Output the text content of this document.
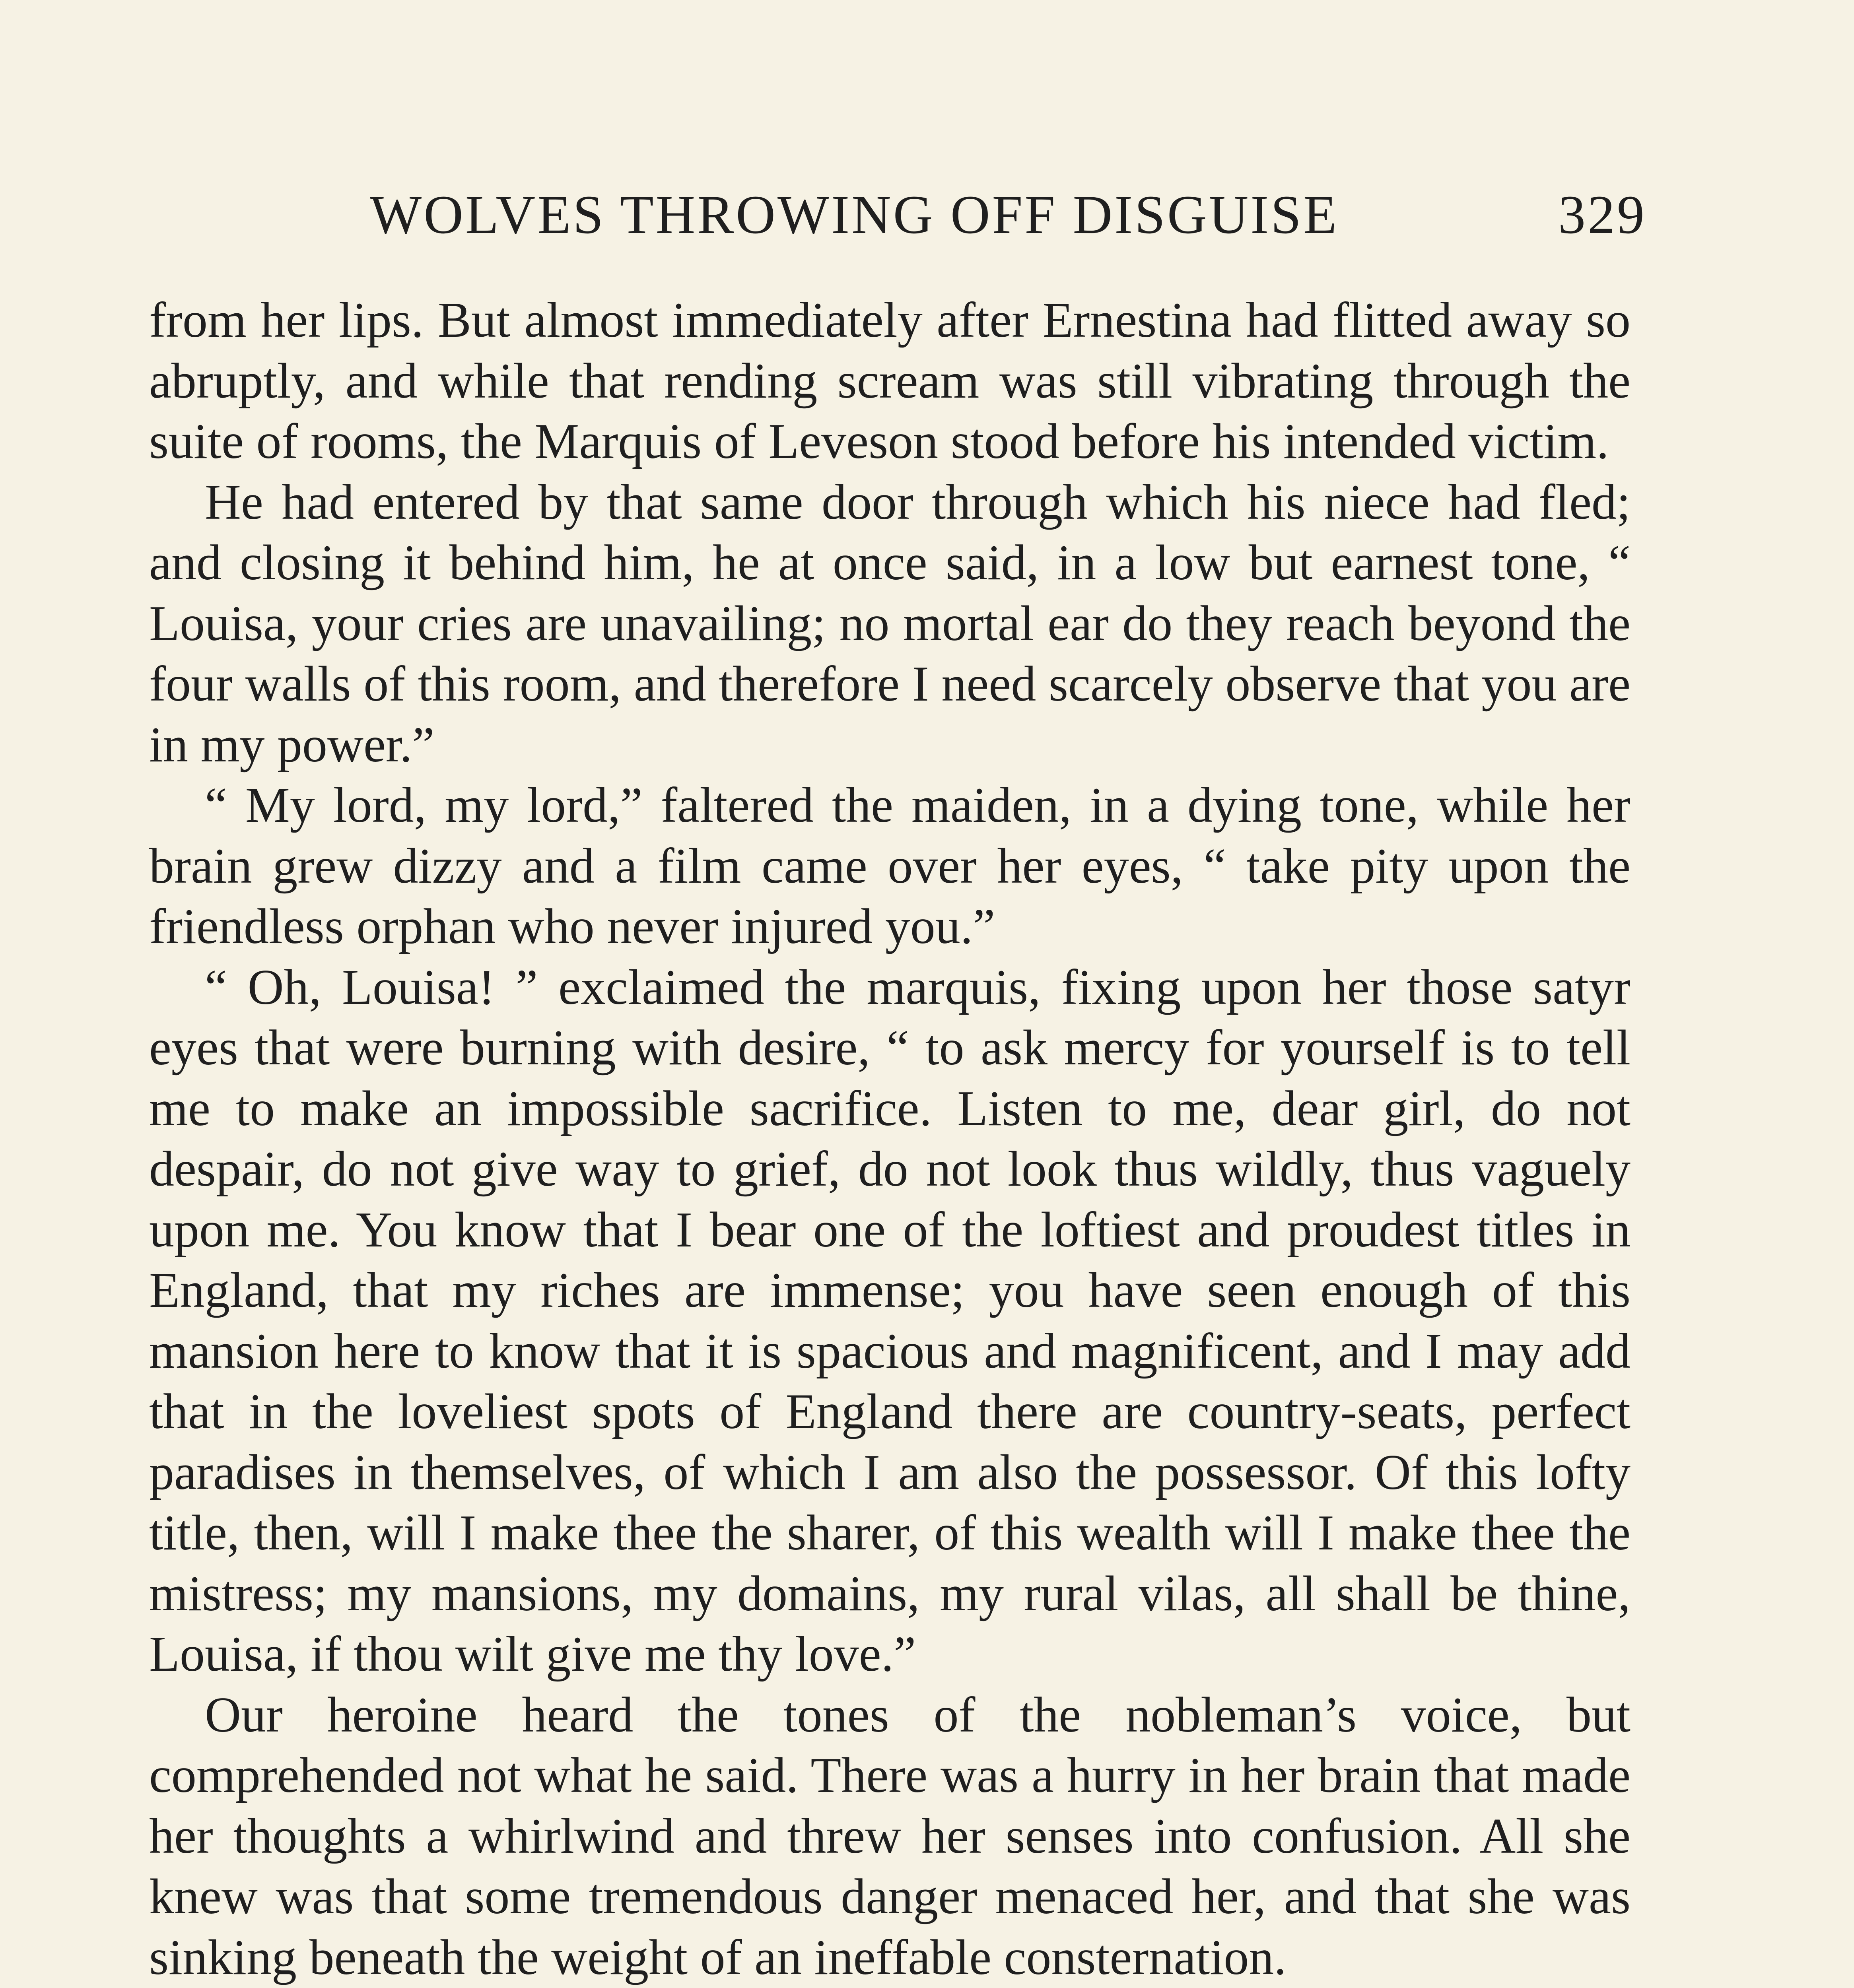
WOLVES THROWING OFF DISGUISE	329

from her lips. But almost immediately after Ernestina had flitted away so abruptly, and while that rending scream was still vibrating through the suite of rooms, the Marquis of Leveson stood before his intended victim.

He had entered by that same door through which his niece had fled; and closing it behind him, he at once said, in a low but earnest tone, “ Louisa, your cries are unavailing; no mortal ear do they reach beyond the four walls of this room, and therefore I need scarcely observe that you are in my power.”

“ My lord, my lord,” faltered the maiden, in a dying tone, while her brain grew dizzy and a film came over her eyes, “ take pity upon the friendless orphan who never injured you.”

“ Oh, Louisa! ” exclaimed the marquis, fixing upon her those satyr eyes that were burning with desire, “ to ask mercy for yourself is to tell me to make an impossible sacrifice. Listen to me, dear girl, do not despair, do not give way to grief, do not look thus wildly, thus vaguely upon me. You know that I bear one of the loftiest and proudest titles in England, that my riches are immense; you have seen enough of this mansion here to know that it is spacious and magnificent, and I may add that in the loveliest spots of England there are country-seats, perfect paradises in themselves, of which I am also the possessor. Of this lofty title, then, will I make thee the sharer, of this wealth will I make thee the mistress; my mansions, my domains, my rural vilas, all shall be thine, Louisa, if thou wilt give me thy love.”

Our heroine heard the tones of the nobleman’s voice, but comprehended not what he said. There was a hurry in her brain that made her thoughts a whirlwind and threw her senses into confusion. All she knew was that some tremendous danger menaced her, and that she was sinking beneath the weight of an ineffable consternation.
